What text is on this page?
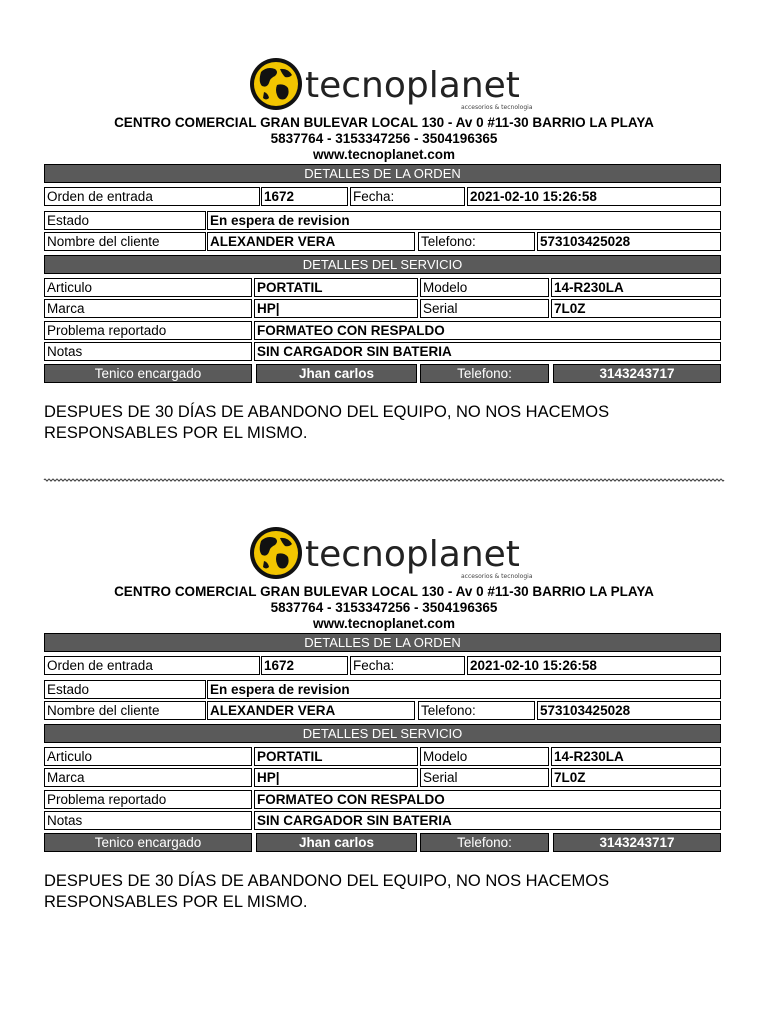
tecnoplanet
accesorios & tecnologia
CENTRO COMERCIAL GRAN BULEVAR LOCAL 130 - Av 0 #11-30 BARRIO LA PLAYA
5837764 - 3153347256 - 3504196365
www.tecnoplanet.com
DETALLES DE LA ORDEN
Orden de entrada	1672	Fecha:	2021-02-10 15:26:58
Estado	En espera de revision
Nombre del cliente	ALEXANDER VERA	Telefono:	573103425028
DETALLES DEL SERVICIO
Articulo	PORTATIL	Modelo	14-R230LA
Marca	HP|	Serial	7L0Z
Problema reportado	FORMATEO CON RESPALDO
Notas	SIN CARGADOR SIN BATERIA
Tenico encargado	Jhan carlos	Telefono:	3143243717
DESPUES DE 30 DÍAS DE ABANDONO DEL EQUIPO, NO NOS HACEMOS RESPONSABLES POR EL MISMO.
tecnoplanet
accesorios & tecnologia
CENTRO COMERCIAL GRAN BULEVAR LOCAL 130 - Av 0 #11-30 BARRIO LA PLAYA
5837764 - 3153347256 - 3504196365
www.tecnoplanet.com
DETALLES DE LA ORDEN
Orden de entrada	1672	Fecha:	2021-02-10 15:26:58
Estado	En espera de revision
Nombre del cliente	ALEXANDER VERA	Telefono:	573103425028
DETALLES DEL SERVICIO
Articulo	PORTATIL	Modelo	14-R230LA
Marca	HP|	Serial	7L0Z
Problema reportado	FORMATEO CON RESPALDO
Notas	SIN CARGADOR SIN BATERIA
Tenico encargado	Jhan carlos	Telefono:	3143243717
DESPUES DE 30 DÍAS DE ABANDONO DEL EQUIPO, NO NOS HACEMOS RESPONSABLES POR EL MISMO.
